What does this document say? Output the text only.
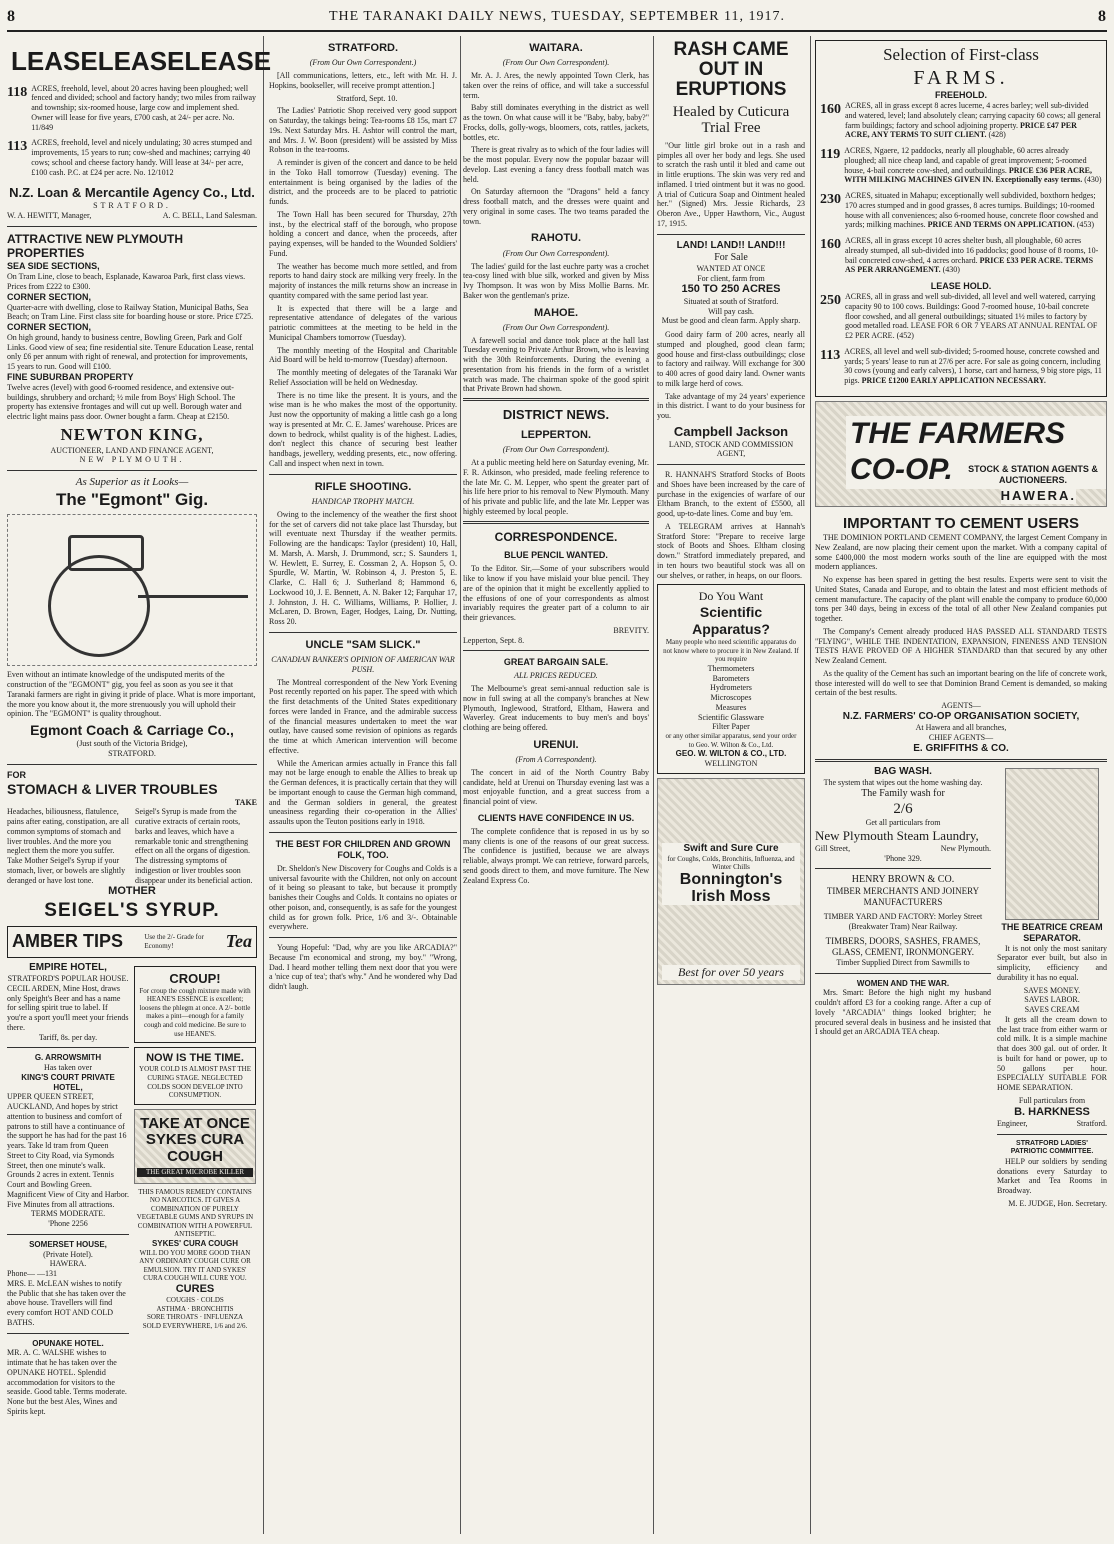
8	THE TARANAKI DAILY NEWS, TUESDAY, SEPTEMBER 11, 1917.	8
LEASE LEASE LEASE
118 ACRES, freehold, level, about 20 acres having been ploughed; well fenced and divided; school and factory handy; two miles from railway and township; six-roomed house, large cow and implement shed. Owner will lease for five years, £700 cash, at 24/- per acre. No. 11/849
113 ACRES, freehold, level and nicely undulating; 30 acres stumped and improvements, 15 years to run; cow-shed and machines; carrying 40 cows; school and cheese factory handy. Will lease at 34/- per acre, £100 cash. P.C. at £24 per acre. No. 12/1012
N.Z. Loan & Mercantile Agency Co., Ltd.
STRATFORD.
W. A. HEWITT, Manager,	A. C. BELL, Land Salesman.
ATTRACTIVE NEW PLYMOUTH PROPERTIES
SEA SIDE SECTIONS,
On Tram Line, close to beach, Esplanade, Kawaroa Park, first class views. Prices from £222 to £300.
CORNER SECTION,
Quarter-acre with dwelling, close to Railway Station, Municipal Baths, Sea Beach; on Tram Line. First class site for boarding house or store. Price £725.
CORNER SECTION,
On high ground, handy to business centre, Bowling Green, Park and Golf Links. Good view of sea; fine residential site. Tenure Education Lease, rental only £6 per annum with right of renewal, and protection for improvements, 15 years to run. Good will £100.
FINE SUBURBAN PROPERTY
Twelve acres (level) with good 6-roomed residence, and extensive out-buildings, shrubbery and orchard; ½ mile from Boys' High School. The property has extensive frontages and will cut up well. Borough water and electric light mains pass door. Owner bought a farm. Cheap at £2150.
NEWTON KING,
AUCTIONEER, LAND AND FINANCE AGENT,
NEW PLYMOUTH.
As Superior as it Looks—
The "Egmont" Gig.
Even without an intimate knowledge of the undisputed merits of the construction of the "EGMONT" gig, you feel as soon as you see it that Taranaki farmers are right in giving it pride of place. What is more important, the more you know about it, the more strenuously you will uphold their opinion. The "EGMONT" is quality throughout.
Egmont Coach & Carriage Co.,
(Just south of the Victoria Bridge),
STRATFORD.
FOR
STOMACH & LIVER TROUBLES
TAKE
Headaches, biliousness, flatulence, pains after eating, constipation, are all common symptoms of stomach and liver troubles. And the more you neglect them the more you suffer. Take Mother Seigel's Syrup if your stomach, liver, or bowels are slightly deranged or have lost tone.
Seigel's Syrup is made from the curative extracts of certain roots, barks and leaves, which have a remarkable tonic and strengthening effect on all the organs of digestion. The distressing symptoms of indigestion or liver troubles soon disappear under its beneficial action.
MOTHER
SEIGEL'S SYRUP.
AMBER TIPS	Use the 2/- Grade for Economy!	Tea
EMPIRE HOTEL,
STRATFORD'S POPULAR HOUSE.
CECIL ARDEN, Mine Host, draws only Speight's Beer and has a name for selling spirit true to label. If you're a sport you'll meet your friends there.
Tariff, 8s. per day.
G. ARROWSMITH
Has taken over
KING'S COURT PRIVATE HOTEL,
UPPER QUEEN STREET, AUCKLAND, And hopes by strict attention to business and comfort of patrons to still have a continuance of the support he has had for the past 16 years. Take ld tram from Queen Street to City Road, via Symonds Street, then one minute's walk. Grounds 2 acres in extent. Tennis Court and Bowling Green. Magnificent View of City and Harbor. Five Minutes from all attractions.
TERMS MODERATE.
'Phone 2256
SOMERSET HOUSE,
(Private Hotel).
HAWERA.
Phone— —131
MRS. E. McLEAN wishes to notify the Public that she has taken over the above house. Travellers will find every comfort HOT AND COLD BATHS.
OPUNAKE HOTEL.
MR. A. C. WALSHE wishes to intimate that he has taken over the OPUNAKE HOTEL. Splendid accommodation for visitors to the seaside. Good table. Terms moderate. None but the best Ales, Wines and Spirits kept.
CROUP!
For croup the cough mixture made with HEANE'S ESSENCE is excellent; loosens the phlegm at once. A 2/- bottle makes a pint—enough for a family cough and cold medicine. Be sure to use HEANE'S.
NOW IS THE TIME.
YOUR COLD IS ALMOST PAST THE CURING STAGE. NEGLECTED COLDS SOON DEVELOP INTO CONSUMPTION.
TAKE AT ONCE SYKES CURA COUGH
THE GREAT MICROBE KILLER
THIS FAMOUS REMEDY CONTAINS NO NARCOTICS. IT GIVES A COMBINATION OF PURELY VEGETABLE GUMS AND SYRUPS IN COMBINATION WITH A POWERFUL ANTISEPTIC.
SYKES' CURA COUGH
WILL DO YOU MORE GOOD THAN ANY ORDINARY COUGH CURE OR EMULSION. TRY IT AND SYKES' CURA COUGH WILL CURE YOU.
CURES
COUGHS · COLDS
ASTHMA · BRONCHITIS
SORE THROATS · INFLUENZA
SOLD EVERYWHERE, 1/6 and 2/6.
STRATFORD.
(From Our Own Correspondent.)

[All communications, letters, etc., left with Mr. H. J. Hopkins, bookseller, will receive prompt attention.]

Stratford, Sept. 10.

The Ladies' Patriotic Shop received very good support on Saturday, the takings being: Tea-rooms £8 15s, mart £7 19s. Next Saturday Mrs. H. Ashtor will control the mart, and Mrs. J. W. Boon (president) will be assisted by Miss Robson in the tea-rooms.

A reminder is given of the concert and dance to be held in the Toko Hall tomorrow (Tuesday) evening. The entertainment is being organised by the ladies of the district, and the proceeds are to be placed to patriotic funds.

The Town Hall has been secured for Thursday, 27th inst., by the electrical staff of the borough, who propose holding a concert and dance, when the proceeds, after paying expenses, will be handed to the Wounded Soldiers' Fund.

The weather has become much more settled, and from reports to hand dairy stock are milking very freely. In the majority of instances the milk returns show an increase in quantity compared with the same period last year.

It is expected that there will be a large and representative attendance of delegates of the various patriotic committees at the meeting to be held in the Municipal Chambers tomorrow (Tuesday).

The monthly meeting of the Hospital and Charitable Aid Board will be held to-morrow (Tuesday) afternoon.

The monthly meeting of delegates of the Taranaki War Relief Association will be held on Wednesday.

There is no time like the present. It is yours, and the wise man is he who makes the most of the opportunity. Just now the opportunity of making a little cash go a long way is presented at Mr. C. E. James' warehouse. Prices are down to bedrock, whilst quality is of the highest. Ladies, don't neglect this chance of securing best leather handbags, jewellery, wedding presents, etc., now offering. Call and inspect when next in town.

RIFLE SHOOTING.
HANDICAP TROPHY MATCH.

Owing to the inclemency of the weather the first shoot for the set of carvers did not take place last Thursday, but will eventuate next Thursday if the weather permits. Following are the handicaps: Taylor (president) 10, Hall, M. Marsh, A. Marsh, J. Drummond, scr.; S. Saunders 1, W. Hewlett, E. Surrey, E. Cossman 2, A. Hopson 5, O. Spurdle, W. Martin, W. Robinson 4, J. Preston 5, E. Clarke, C. Hall 6; J. Sutherland 8; Hammond 6, Lockwood 10, J. E. Bennett, A. N. Baker 12; Farquhar 17, J. Johnston, J. H. C. Williams, Williams, P. Hollier, J. McLaren, D. Brown, Eager, Hodges, Laing, Dr. Nutting, Ross 20.

UNCLE "SAM SLICK."
CANADIAN BANKER'S OPINION OF AMERICAN WAR PUSH.

The Montreal correspondent of the New York Evening Post recently reported on his paper. The speed with which the first detachments of the United States expeditionary forces were landed in France, and the admirable success of the financial measures undertaken to meet the war outlay, have caused some revision of opinions as regards the time at which American intervention will become effective.

While the American armies actually in France this fall may not be large enough to enable the Allies to break up the German defences, it is practically certain that they will be important enough to cause the German high command, and the German soldiers in general, the greatest uneasiness regarding their co-operation in the Allies' assaults upon the Teuton positions early in 1918.

THE BEST FOR CHILDREN AND GROWN FOLK, TOO.

Dr. Sheldon's New Discovery for Coughs and Colds is a universal favourite with the Children, not only on account of it being so pleasant to take, but because it promptly banishes their Coughs and Colds. It contains no opiates or other poison, and, consequently, is as safe for the youngest child as for grown folk. Price, 1/6 and 3/-. Obtainable everywhere.

Young Hopeful: "Dad, why are you like ARCADIA?" Because I'm economical and strong, my boy." "Wrong, Dad. I heard mother telling them next door that you were a 'nice cup of tea'; that's why." And he wondered why Dad didn't laugh.

WAITARA.
(From Our Own Correspondent).

Mr. A. J. Ares, the newly appointed Town Clerk, has taken over the reins of office, and will take a successful term.

Baby still dominates everything in the district as well as the town. On what cause will it be "Baby, baby, baby?" Frocks, dolls, golly-wogs, bloomers, cots, rattles, jackets, bottles, etc.

There is great rivalry as to which of the four ladies will be the most popular. Every now the popular bazaar will develop. Last evening a fancy dress football match was held.

On Saturday afternoon the "Dragons" held a fancy dress football match, and the dresses were quaint and very original in some cases. The two teams paraded the town.

RAHOTU.
(From Our Own Correspondent).

The ladies' guild for the last euchre party was a crochet tea-cosy lined with blue silk, worked and given by Miss Ivy Thompson. It was won by Miss Mollie Barns. Mr. Baker won the gentleman's prize.

MAHOE.
(From Our Own Correspondent).

A farewell social and dance took place at the hall last Tuesday evening to Private Arthur Brown, who is leaving with the 30th Reinforcements. During the evening a presentation from his friends in the form of a wristlet watch was made. The chairman spoke of the good spirit that Private Brown had shown.

DISTRICT NEWS.
LEPPERTON.
(From Our Own Correspondent).

At a public meeting held here on Saturday evening, Mr. F. R. Atkinson, who presided, made feeling reference to the late Mr. C. M. Lepper, who spent the greater part of his life here prior to his removal to New Plymouth. Many of his private and public life, and the late Mr. Lepper was highly esteemed by local people.

CORRESPONDENCE.
BLUE PENCIL WANTED.

To the Editor. Sir,—Some of your subscribers would like to know if you have mislaid your blue pencil. They are of the opinion that it might be excellently applied to the effusions of one of your correspondents as almost invariably requires the greater part of a column to air their grievances.

BREVITY.
Lepperton, Sept. 8.
GREAT BARGAIN SALE.
ALL PRICES REDUCED.

The Melbourne's great semi-annual reduction sale is now in full swing at all the company's branches at New Plymouth, Inglewood, Stratford, Eltham, Hawera and Waverley. Great inducements to buy men's and boys' clothing are being offered.

URENUI.
(From A Correspondent).

The concert in aid of the North Country Baby candidate, held at Urenui on Thursday evening last was a most enjoyable function, and a great success from a financial point of view.

CLIENTS HAVE CONFIDENCE IN US.

The complete confidence that is reposed in us by so many clients is one of the reasons of our great success. The confidence is justified, because we are always reliable, always prompt. We can retrieve, forward parcels, send goods direct to them, and move furniture. The New Zealand Express Co.

RASH CAME OUT IN ERUPTIONS
Healed by Cuticura Trial Free

"Our little girl broke out in a rash and pimples all over her body and legs. She used to scratch the rash until it bled and came out in little eruptions. The skin was very red and inflamed. I tried ointment but it was no good. A trial of Cuticura Soap and Ointment healed her." (Signed) Mrs. Jessie Richards, 23 Oberon Ave., Upper Hawthorn, Vic., August 17, 1915.

LAND! LAND!! LAND!!!
For Sale
WANTED AT ONCE
For client, farm from
150 TO 250 ACRES
Situated at south of Stratford.
Will pay cash.
Must be good and clean farm. Apply sharp.

Good dairy farm of 200 acres, nearly all stumped and ploughed, good clean farm; good house and first-class outbuildings; close to factory and railway. Will exchange for 300 to 400 acres of good dairy land. Owner wants to milk large herd of cows.

Take advantage of my 24 years' experience in this district. I want to do your business for you.

Campbell Jackson
LAND, STOCK AND COMMISSION AGENT,

R. HANNAH'S Stratford Stocks of Boots and Shoes have been increased by the care of purchase in the exigencies of warfare of our Eltham Branch, to the extent of £5500, all good, up-to-date lines. Come and buy 'em.

A TELEGRAM arrives at Hannah's Stratford Store: "Prepare to receive large stock of Boots and Shoes. Eltham closing down." Stratford immediately prepared, and in ten hours two beautiful stock was all on our shelves, or rather, in heaps, on our floors.

Do You Want
Scientific Apparatus?
Many people who need scientific apparatus do not know where to procure it in New Zealand. If you require
Thermometers
Barometers
Hydrometers
Microscopes
Measures
Scientific Glassware
Filter Paper
or any other similar apparatus, send your order to Geo. W. Wilton & Co., Ltd.
GEO. W. WILTON & CO., LTD.
WELLINGTON
Swift and Sure Cure
for Coughs, Colds, Bronchitis, Influenza, and Winter Chills
Bonnington's Irish Moss
Best for over 50 years
Selection of First-class
FARMS.
FREEHOLD.
160 ACRES, all in grass except 8 acres lucerne, 4 acres barley; well sub-divided and watered, level; land absolutely clean; carrying capacity 60 cows; all general farm buildings; factory and school adjoining property. PRICE £47 PER ACRE, ANY TERMS TO SUIT CLIENT. (428)
119 ACRES, Ngaere, 12 paddocks, nearly all ploughable, 60 acres already ploughed; all nice cheap land, and capable of great improvement; 5-roomed house, 4-bail concrete cow-shed, and outbuildings. PRICE £36 PER ACRE, WITH MILKING MACHINES GIVEN IN. Exceptionally easy terms. (430)
230 ACRES, situated in Mahapu; exceptionally well subdivided, boxthorn hedges; 170 acres stumped and in good grasses, 8 acres turnips. Buildings; 10-roomed house with all conveniences; also 6-roomed house, concrete floor cowshed and yards; milking machines. PRICE AND TERMS ON APPLICATION. (453)
160 ACRES, all in grass except 10 acres shelter bush, all ploughable, 60 acres already stumped, all sub-divided into 16 paddocks; good house of 8 rooms, 10-bail concreted cow-shed, 4 acres orchard. PRICE £33 PER ACRE. TERMS AS PER ARRANGEMENT. (430)
LEASE HOLD.
250 ACRES, all in grass and well sub-divided, all level and well watered, carrying capacity 90 to 100 cows. Buildings: Good 7-roomed house, 10-bail concrete floor cowshed, and all general outbuildings; situated 1½ miles to factory by good metalled road. LEASE FOR 6 OR 7 YEARS AT ANNUAL RENTAL OF £2 PER ACRE. (452)
113 ACRES, all level and well sub-divided; 5-roomed house, concrete cowshed and yards; 5 years' lease to run at 27/6 per acre. For sale as going concern, including 30 cows (young and early calvers), 1 horse, cart and harness, 9 big store pigs, 11 pigs. PRICE £1200 EARLY APPLICATION NECESSARY.
THE FARMERS CO-OP.	STOCK & STATION AGENTS & AUCTIONEERS.
HAWERA.
IMPORTANT TO CEMENT USERS

THE DOMINION PORTLAND CEMENT COMPANY, the largest Cement Company in New Zealand, are now placing their cement upon the market. With a company capital of some £400,000 the most modern works south of the line are equipped with the most modern appliances.

No expense has been spared in getting the best results. Experts were sent to visit the United States, Canada and Europe, and to obtain the latest and most efficient methods of cement manufacture. The capacity of the plant will enable the company to produce 60,000 tons per 340 days, being in excess of the total of all other New Zealand companies put together.

The Company's Cement already produced HAS PASSED ALL STANDARD TESTS "FLYING", WHILE THE INDENTATION, EXPANSION, FINENESS AND TENSION TESTS HAVE PROVED OF A HIGHER STANDARD than that secured by any other New Zealand Cement.

As the quality of the Cement has such an important bearing on the life of concrete work, those interested will do well to see that Dominion Brand Cement is demanded, so making certain of the best results.

AGENTS—
N.Z. FARMERS' CO-OP ORGANISATION SOCIETY,
At Hawera and all branches,
CHIEF AGENTS—
E. GRIFFITHS & CO.
BAG WASH.
The system that wipes out the home washing day.
The Family wash for
2/6
Get all particulars from
New Plymouth Steam Laundry,
Gill Street,	New Plymouth.
'Phone 329.
HENRY BROWN & CO.
TIMBER MERCHANTS AND JOINERY MANUFACTURERS
TIMBER YARD AND FACTORY: Morley Street (Breakwater Tram) Near Railway.
TIMBERS, DOORS, SASHES, FRAMES, GLASS, CEMENT, IRONMONGERY.
Timber Supplied Direct from Sawmills to
WOMEN AND THE WAR.

Mrs. Smart: Before the high night my husband couldn't afford £3 for a cooking range. After a cup of lovely "ARCADIA" things looked brighter; he procured several deals in business and he insisted that I should get an ARCADIA TEA cheap.

THE BEATRICE CREAM SEPARATOR.

It is not only the most sanitary Separator ever built, but also in simplicity, efficiency and durability it has no equal.

SAVES MONEY.
SAVES LABOR.
SAVES CREAM

It gets all the cream down to the last trace from either warm or cold milk. It is a simple machine that does 300 gal. out of order. It is built for hand or power, up to 50 gallons per hour. ESPECIALLY SUITABLE FOR HOME SEPARATION.

Full particulars from
B. HARKNESS
Engineer,	Stratford.
STRATFORD LADIES' PATRIOTIC COMMITTEE.

HELP our soldiers by sending donations every Saturday to Market and Tea Rooms in Broadway.

M. E. JUDGE, Hon. Secretary.
